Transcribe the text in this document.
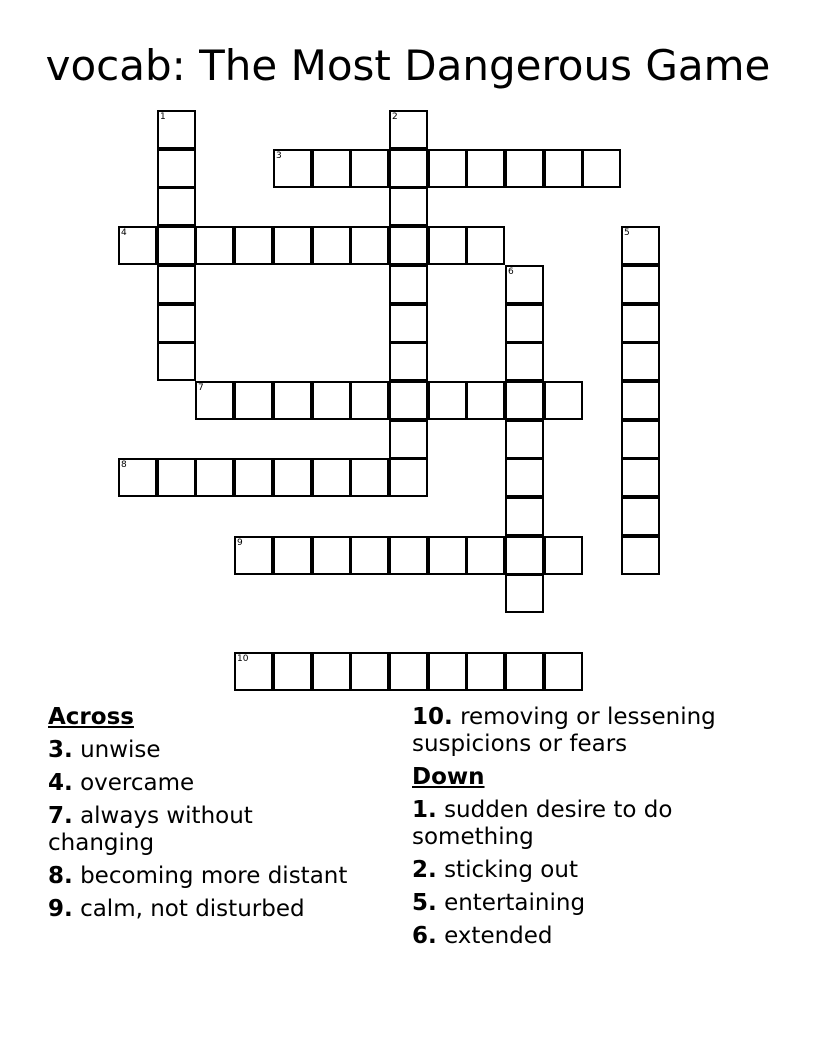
vocab: The Most Dangerous Game
1	2
3
4	5
6
7
8
9
10
Across
3. unwise
4. overcame
7. always without changing
8. becoming more distant
9. calm, not disturbed
10. removing or lessening suspicions or fears
Down
1. sudden desire to do something
2. sticking out
5. entertaining
6. extended
